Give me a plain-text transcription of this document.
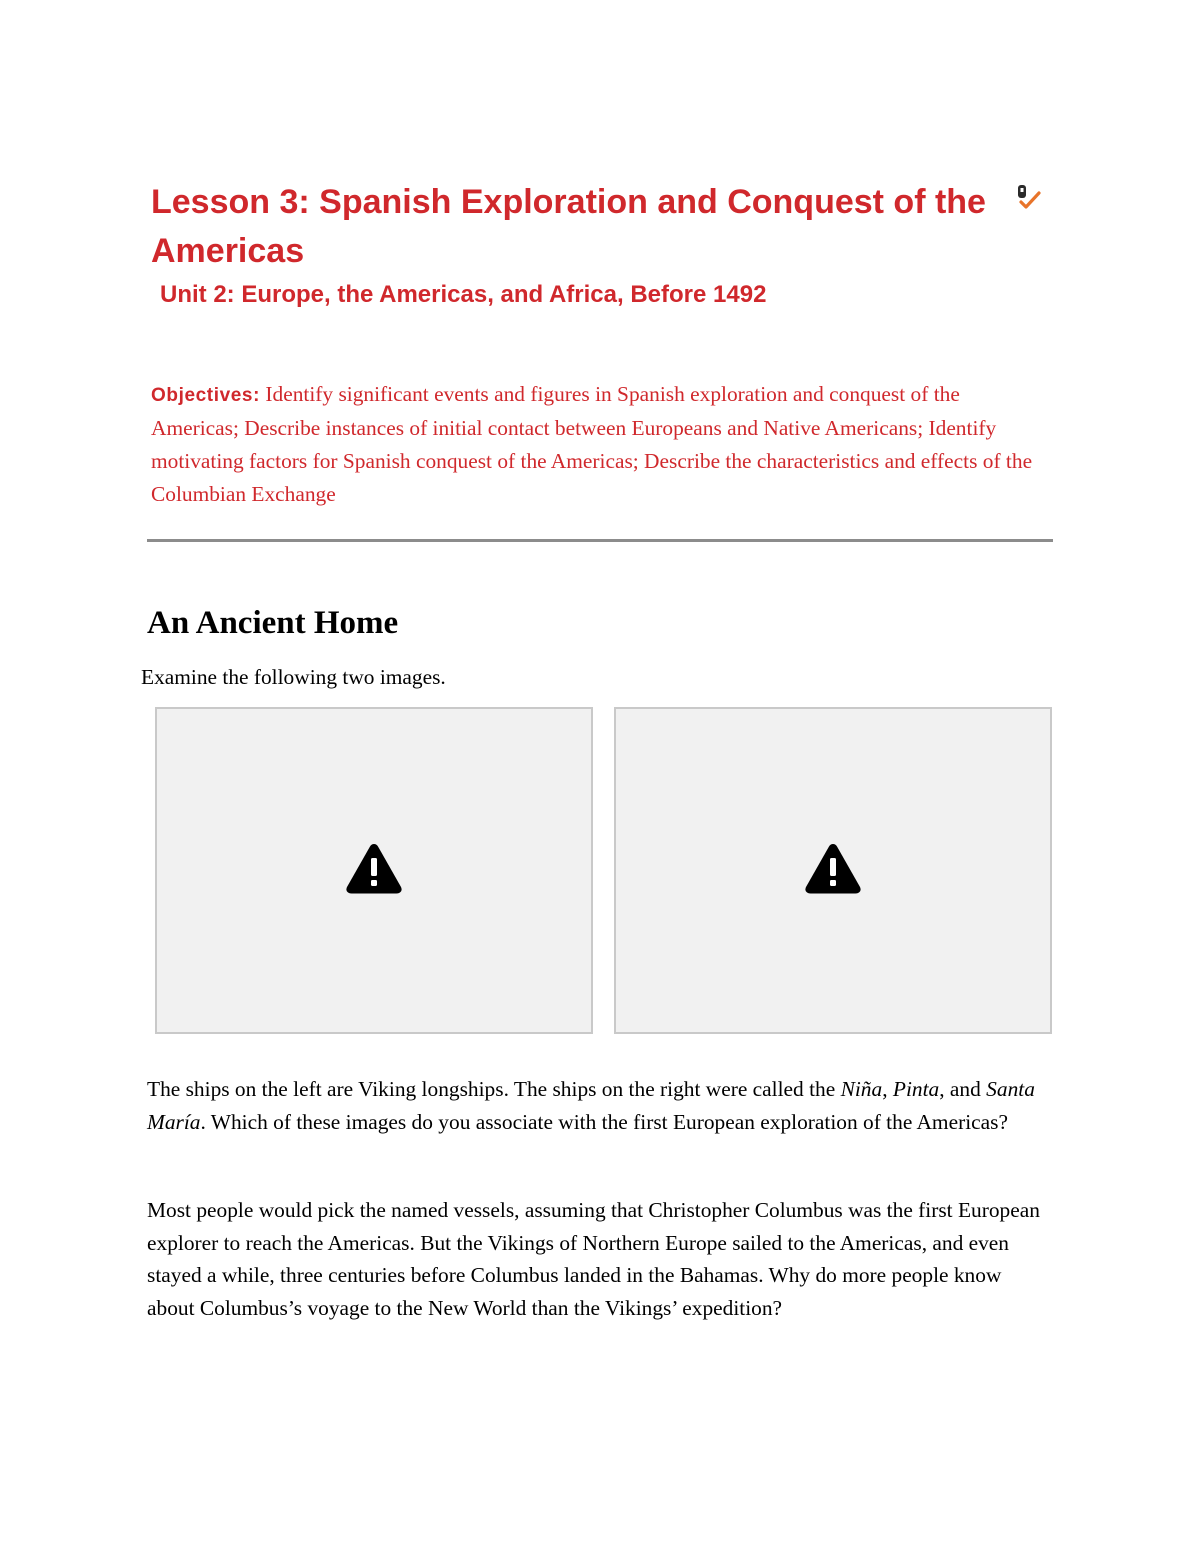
Lesson 3: Spanish Exploration and Conquest of the Americas
Unit 2: Europe, the Americas, and Africa, Before 1492

Objectives: Identify significant events and figures in Spanish exploration and conquest of the Americas; Describe instances of initial contact between Europeans and Native Americans; Identify motivating factors for Spanish conquest of the Americas; Describe the characteristics and effects of the Columbian Exchange

An Ancient Home

Examine the following two images.

The ships on the left are Viking longships. The ships on the right were called the Niña, Pinta, and Santa María. Which of these images do you associate with the first European exploration of the Americas?

Most people would pick the named vessels, assuming that Christopher Columbus was the first European explorer to reach the Americas. But the Vikings of Northern Europe sailed to the Americas, and even stayed a while, three centuries before Columbus landed in the Bahamas. Why do more people know about Columbus’s voyage to the New World than the Vikings’ expedition?
